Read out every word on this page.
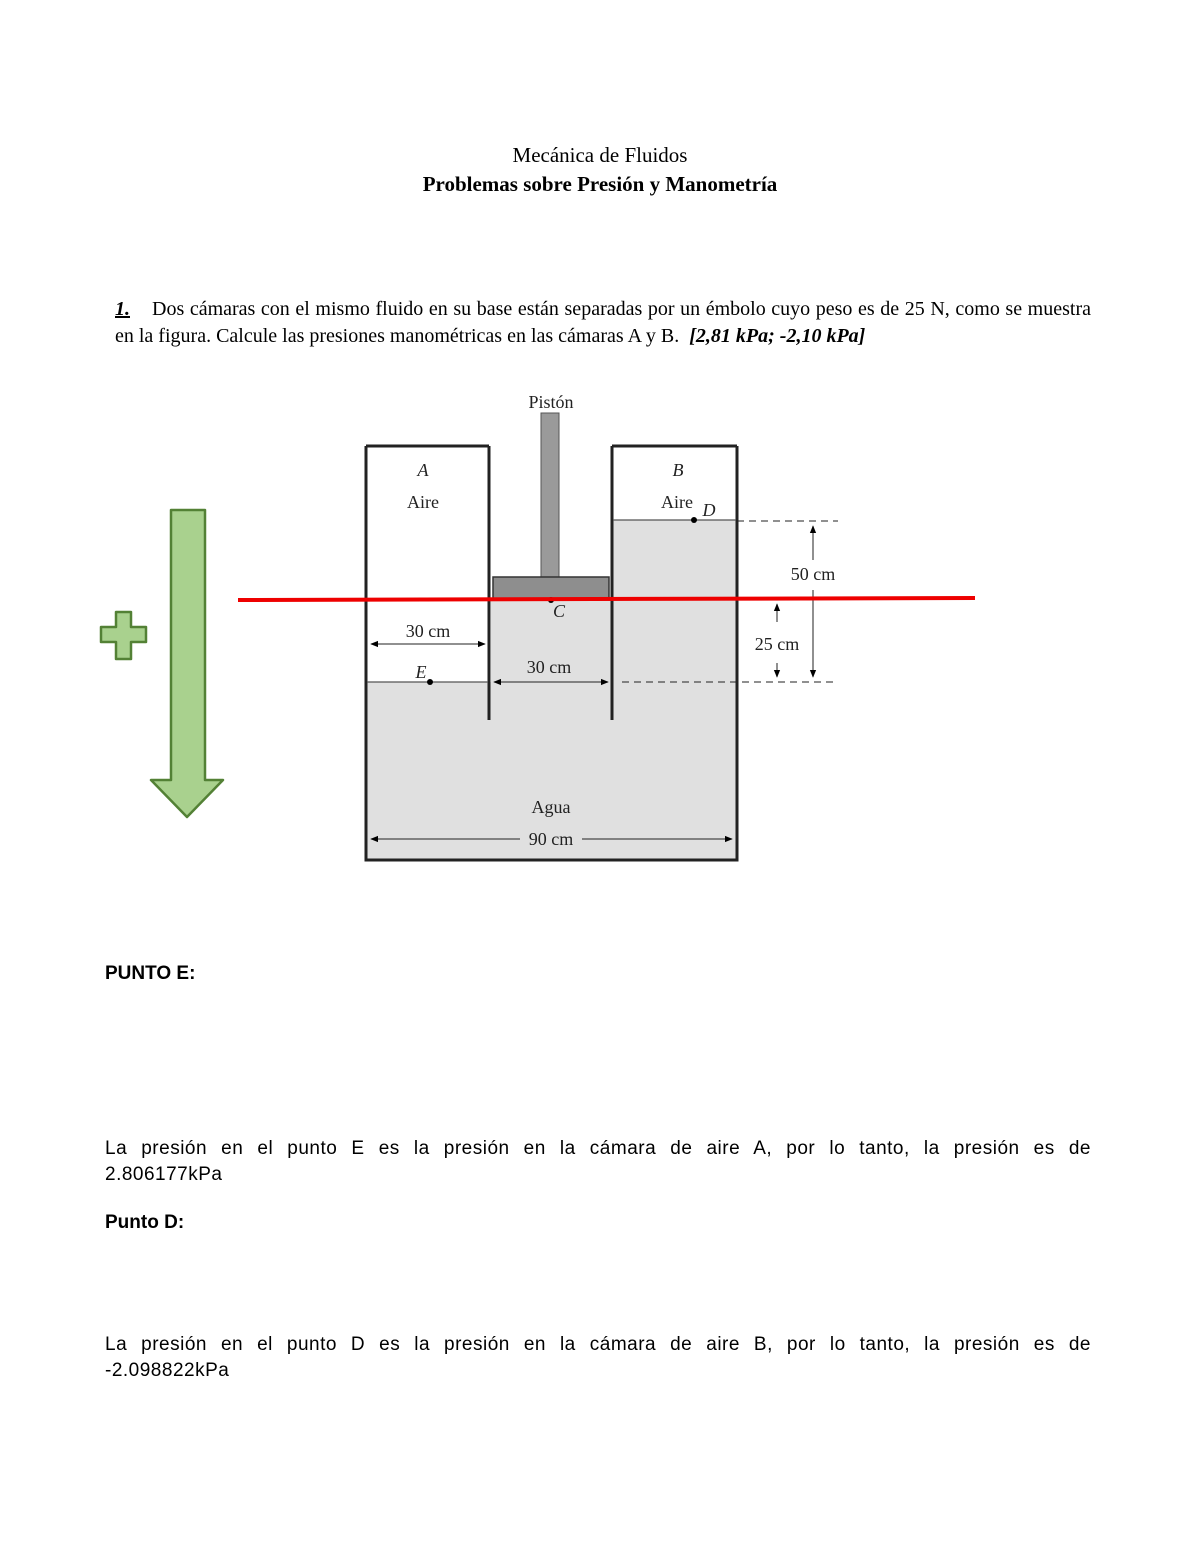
Mecánica de Fluidos
Problemas sobre Presión y Manometría
1. Dos cámaras con el mismo fluido en su base están separadas por un émbolo cuyo peso es de 25 N, como se muestra en la figura. Calcule las presiones manométricas en las cámaras A y B. [2,81 kPa; -2,10 kPa]
Pistón
A
Aire
B
Aire D
C
E
50 cm
25 cm
30 cm
30 cm
Agua
90 cm
PUNTO E:
La presión en el punto E es la presión en la cámara de aire A, por lo tanto, la presión es de 2.806177kPa
Punto D:
La presión en el punto D es la presión en la cámara de aire B, por lo tanto, la presión es de -2.098822kPa
